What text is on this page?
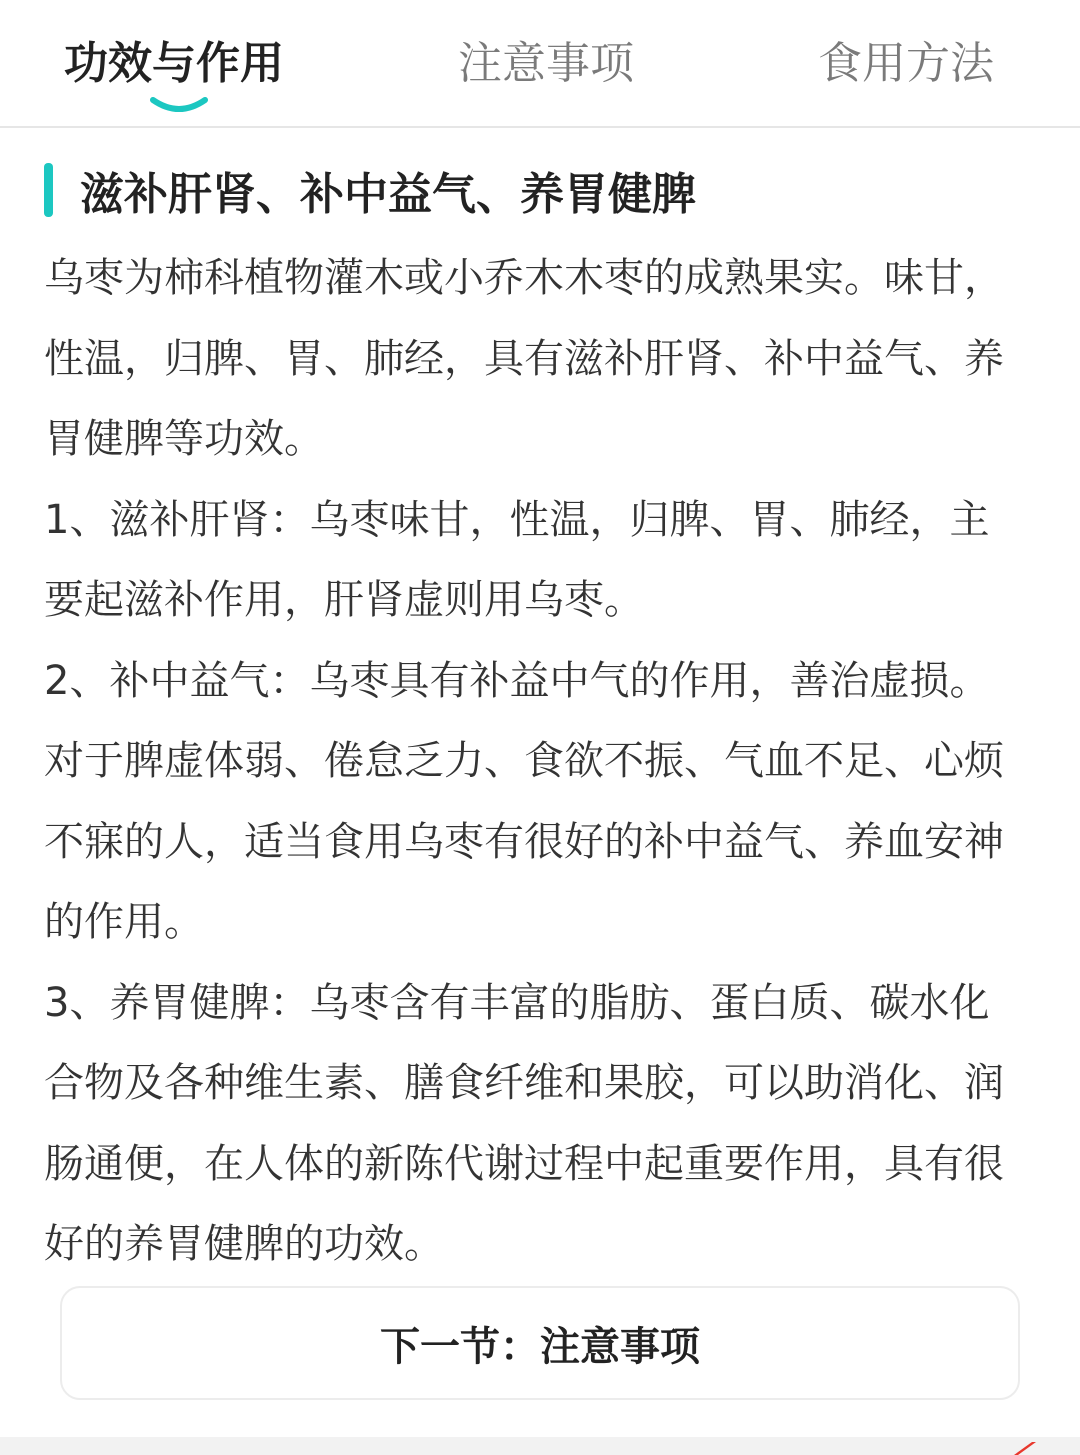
功效与作用	注意事项	食用方法
滋补肝肾、补中益气、养胃健脾

乌枣为柿科植物灌木或小乔木木枣的成熟果实。味甘，性温，归脾、胃、肺经，具有滋补肝肾、补中益气、养胃健脾等功效。

1、滋补肝肾：乌枣味甘，性温，归脾、胃、肺经，主要起滋补作用，肝肾虚则用乌枣。

2、补中益气：乌枣具有补益中气的作用，善治虚损。对于脾虚体弱、倦怠乏力、食欲不振、气血不足、心烦不寐的人，适当食用乌枣有很好的补中益气、养血安神的作用。

3、养胃健脾：乌枣含有丰富的脂肪、蛋白质、碳水化合物及各种维生素、膳食纤维和果胶，可以助消化、润肠通便，在人体的新陈代谢过程中起重要作用，具有很好的养胃健脾的功效。

下一节：注意事项
